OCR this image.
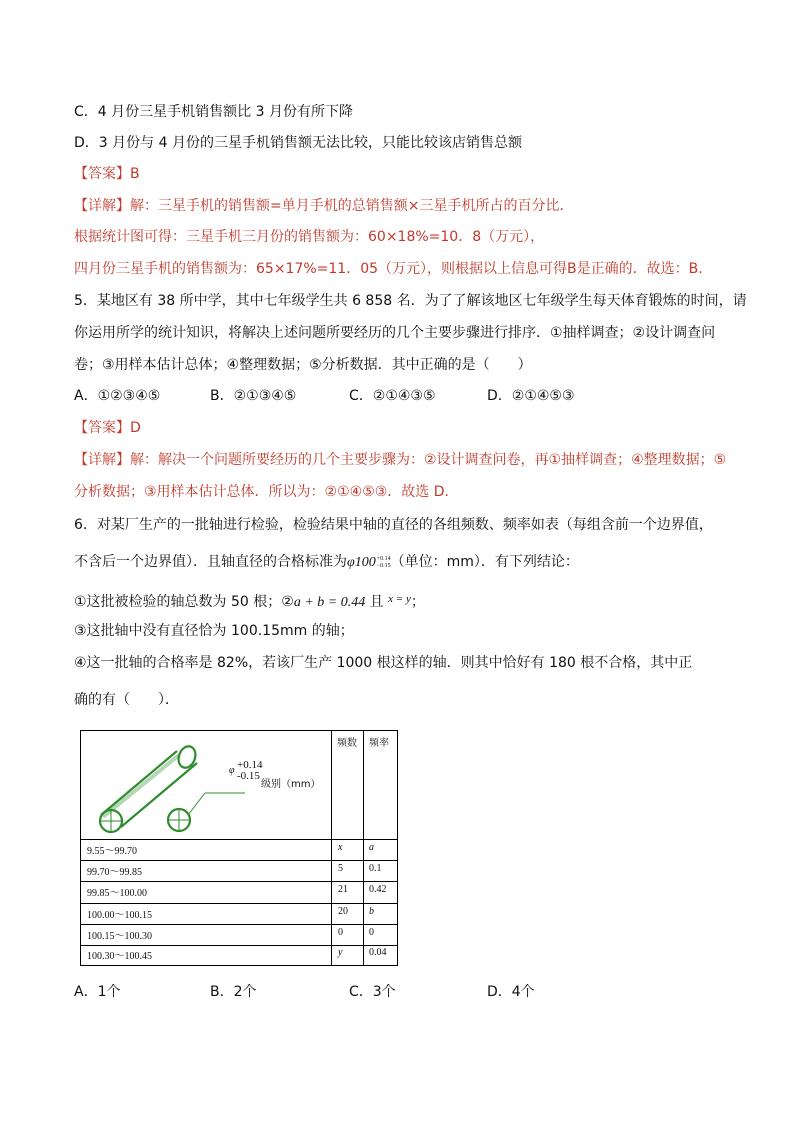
C．4 月份三星手机销售额比 3 月份有所下降
D．3 月份与 4 月份的三星手机销售额无法比较，只能比较该店销售总额
【答案】B
【详解】解：三星手机的销售额=单月手机的总销售额×三星手机所占的百分比．
根据统计图可得：三星手机三月份的销售额为：60×18%=10．8（万元），
四月份三星手机的销售额为：65×17%=11．05（万元），则根据以上信息可得B是正确的．故选：B.
5．某地区有 38 所中学，其中七年级学生共 6 858 名．为了了解该地区七年级学生每天体育锻炼的时间，请
你运用所学的统计知识，将解决上述问题所要经历的几个主要步骤进行排序．①抽样调查；②设计调查问
卷；③用样本估计总体；④整理数据；⑤分析数据．其中正确的是（　　）
A．①②③④⑤	B．②①③④⑤	C．②①④③⑤	D．②①④⑤③
【答案】D
【详解】解：解决一个问题所要经历的几个主要步骤为：②设计调查问卷，再①抽样调查；④整理数据；⑤
分析数据；③用样本估计总体．所以为：②①④⑤③．故选 D．
6．对某厂生产的一批轴进行检验，检验结果中轴的直径的各组频数、频率如表（每组含前一个边界值，
不含后一个边界值）．且轴直径的合格标准为φ100 +0.14
−0.15 （单位：mm）．有下列结论：
①这批被检验的轴总数为 50 根；②a + b = 0.44 且 $^{x = y}$；
③这批轴中没有直径恰为 100.15mm 的轴；
④这一批轴的合格率是 82%，若该厂生产 1000 根这样的轴．则其中恰好有 180 根不合格，其中正
确的有（　　）．
φ +0.14
-0.15
级别（mm）
频数 频率
9.55～99.70	x	a
99.70～99.85	5	0.1
99.85～100.00	21 0.42
100.00～100.15	20 b
100.15～100.30	0	0
100.30～100.45	y	0.04
A．1个	B．2个	C．3个	D．4个
